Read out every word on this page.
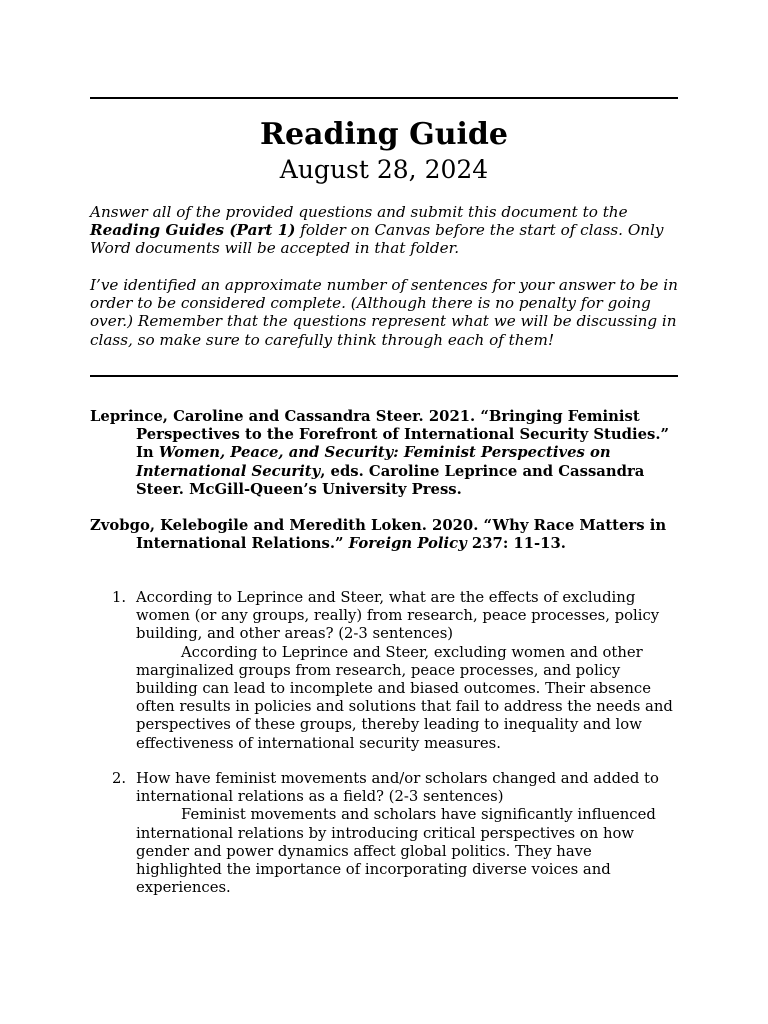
Reading Guide
August 28, 2024

Answer all of the provided questions and submit this document to the Reading Guides (Part 1) folder on Canvas before the start of class. Only Word documents will be accepted in that folder.

I’ve identified an approximate number of sentences for your answer to be in order to be considered complete. (Although there is no penalty for going over.) Remember that the questions represent what we will be discussing in class, so make sure to carefully think through each of them!

Leprince, Caroline and Cassandra Steer. 2021. “Bringing Feminist Perspectives to the Forefront of International Security Studies.” In Women, Peace, and Security: Feminist Perspectives on International Security, eds. Caroline Leprince and Cassandra Steer. McGill-Queen’s University Press.

Zvobgo, Kelebogile and Meredith Loken. 2020. “Why Race Matters in International Relations.” Foreign Policy 237: 11-13.

1. According to Leprince and Steer, what are the effects of excluding women (or any groups, really) from research, peace processes, policy building, and other areas? (2-3 sentences)
According to Leprince and Steer, excluding women and other marginalized groups from research, peace processes, and policy building can lead to incomplete and biased outcomes. Their absence often results in policies and solutions that fail to address the needs and perspectives of these groups, thereby leading to inequality and low effectiveness of international security measures.
2. How have feminist movements and/or scholars changed and added to international relations as a field? (2-3 sentences)
Feminist movements and scholars have significantly influenced international relations by introducing critical perspectives on how gender and power dynamics affect global politics. They have highlighted the importance of incorporating diverse voices and experiences.
